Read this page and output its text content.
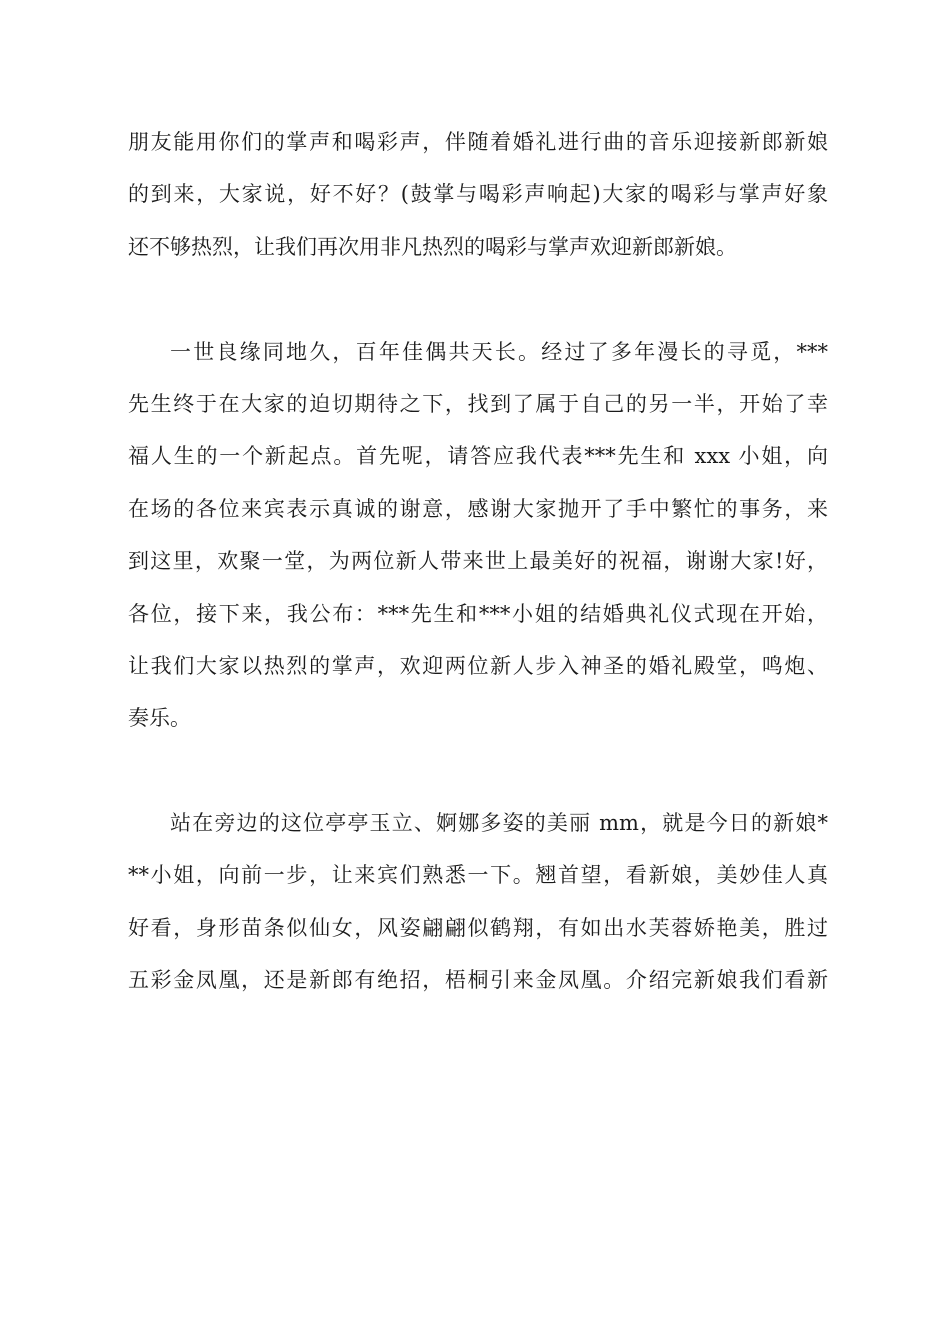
朋友能用你们的掌声和喝彩声，伴随着婚礼进行曲的音乐迎接新郎新娘
的到来，大家说，好不好？(鼓掌与喝彩声响起)大家的喝彩与掌声好象
还不够热烈，让我们再次用非凡热烈的喝彩与掌声欢迎新郎新娘。
一世良缘同地久，百年佳偶共天长。经过了多年漫长的寻觅，***
先生终于在大家的迫切期待之下，找到了属于自己的另一半，开始了幸
福人生的一个新起点。首先呢，请答应我代表***先生和 xxx 小姐，向
在场的各位来宾表示真诚的谢意，感谢大家抛开了手中繁忙的事务，来
到这里，欢聚一堂，为两位新人带来世上最美好的祝福，谢谢大家!好，
各位，接下来，我公布：***先生和***小姐的结婚典礼仪式现在开始，
让我们大家以热烈的掌声，欢迎两位新人步入神圣的婚礼殿堂，鸣炮、
奏乐。
站在旁边的这位亭亭玉立、婀娜多姿的美丽 mm，就是今日的新娘*
**小姐，向前一步，让来宾们熟悉一下。翘首望，看新娘，美妙佳人真
好看，身形苗条似仙女，风姿翩翩似鹤翔，有如出水芙蓉娇艳美，胜过
五彩金凤凰，还是新郎有绝招，梧桐引来金凤凰。介绍完新娘我们看新
